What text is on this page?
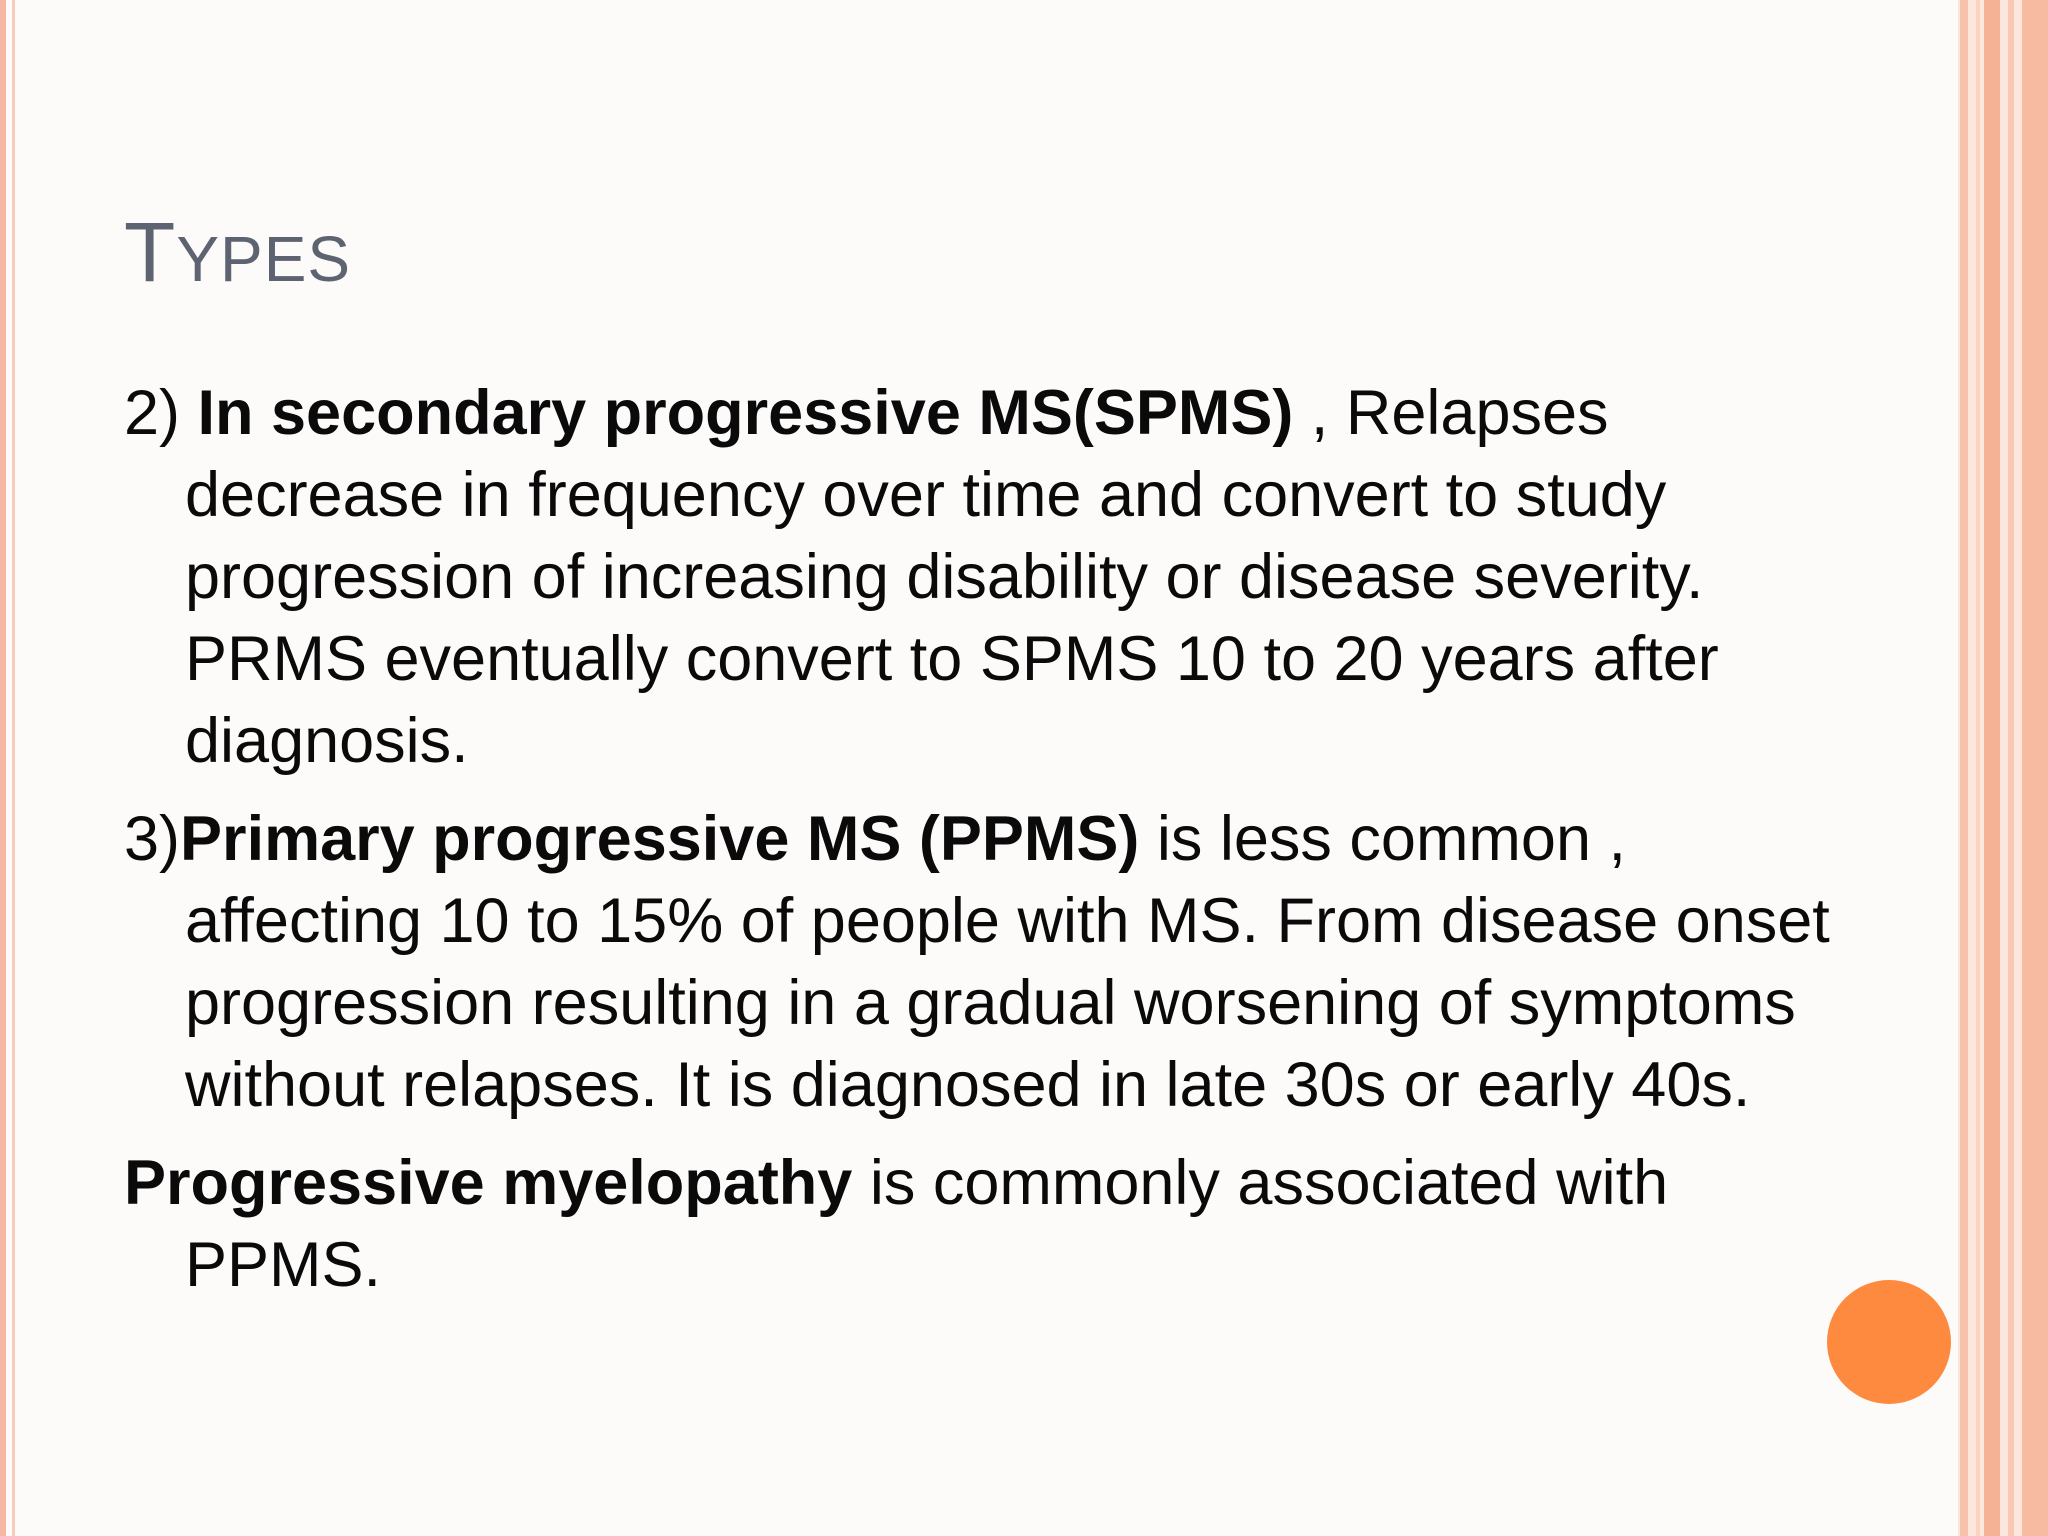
TYPES

2) In secondary progressive MS(SPMS) , Relapses decrease in frequency over time and convert to study progression of increasing disability or disease severity. PRMS eventually convert to SPMS 10 to 20 years after diagnosis.

3)Primary progressive MS (PPMS) is less common , affecting 10 to 15% of people with MS. From disease onset progression resulting in a gradual worsening of symptoms without relapses. It is diagnosed in late 30s or early 40s.

Progressive myelopathy is commonly associated with PPMS.
